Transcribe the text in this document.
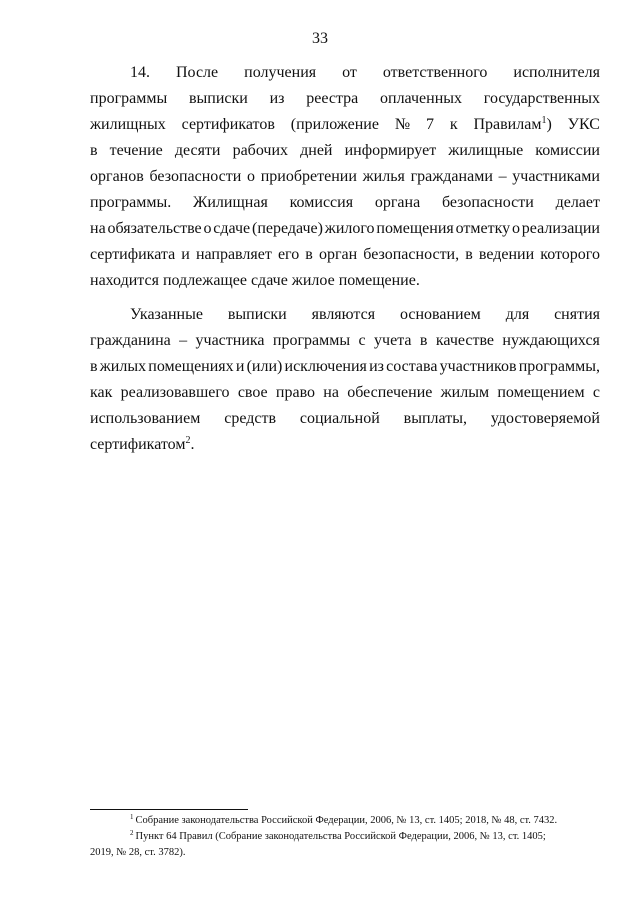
33
14. После получения от ответственного исполнителя
программы выписки из реестра оплаченных государственных
жилищных сертификатов (приложение № 7 к Правилам$^1$) УКС
в течение десяти рабочих дней информирует жилищные комиссии
органов безопасности о приобретении жилья гражданами – участниками
программы. Жилищная комиссия органа безопасности делает
на обязательстве о сдаче (передаче) жилого помещения отметку о реализации
сертификата и направляет его в орган безопасности, в ведении которого
находится подлежащее сдаче жилое помещение.
Указанные выписки являются основанием для снятия
гражданина – участника программы с учета в качестве нуждающихся
в жилых помещениях и (или) исключения из состава участников программы,
как реализовавшего свое право на обеспечение жилым помещением с
использованием средств социальной выплаты, удостоверяемой
сертификатом$^2$.
$^1$ Собрание законодательства Российской Федерации, 2006, № 13, ст. 1405; 2018, № 48, ст. 7432.
$^2$ Пункт 64 Правил (Собрание законодательства Российской Федерации, 2006, № 13, ст. 1405;
2019, № 28, ст. 3782).
